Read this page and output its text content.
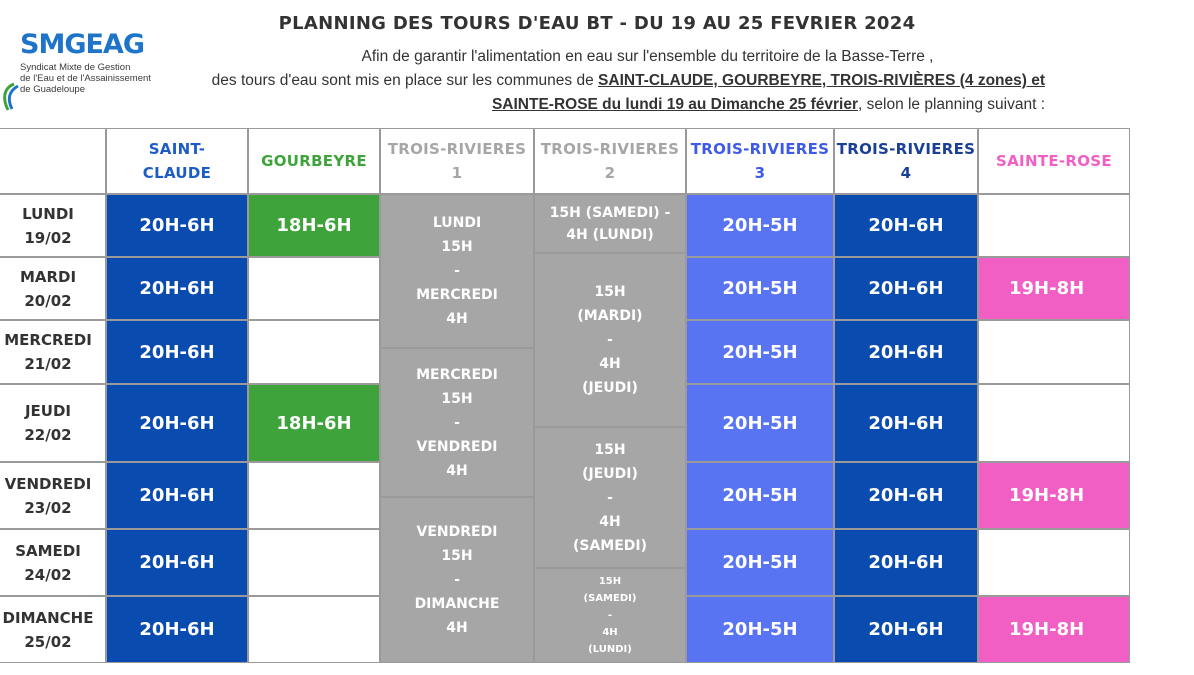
SMGEAG
Syndicat Mixte de Gestion
de l'Eau et de l'Assainissement
de Guadeloupe
PLANNING DES TOURS D'EAU BT - DU 19 AU 25 FEVRIER 2024
Afin de garantir l'alimentation en eau sur l'ensemble du territoire de la Basse-Terre ,
des tours d'eau sont mis en place sur les communes de SAINT-CLAUDE, GOURBEYRE, TROIS-RIVIÈRES (4 zones) et
SAINTE-ROSE du lundi 19 au Dimanche 25 février, selon le planning suivant :
SAINT-
CLAUDE
GOURBEYRE
TROIS-RIVIERES
1
TROIS-RIVIERES
2
TROIS-RIVIERES
3
TROIS-RIVIERES
4
SAINTE-ROSE
LUNDI
19/02
MARDI
20/02
MERCREDI
21/02
JEUDI
22/02
VENDREDI
23/02
SAMEDI
24/02
DIMANCHE
25/02
20H-6H
20H-6H
20H-6H
20H-6H
20H-6H
20H-6H
20H-6H
18H-6H
18H-6H
LUNDI
15H
-
MERCREDI
4H
MERCREDI
15H
-
VENDREDI
4H
VENDREDI
15H
-
DIMANCHE
4H
15H (SAMEDI) -
4H (LUNDI)
15H
(MARDI)
-
4H
(JEUDI)
15H
(JEUDI)
-
4H
(SAMEDI)
15H
(SAMEDI)
-
4H
(LUNDI)
20H-5H
20H-5H
20H-5H
20H-5H
20H-5H
20H-5H
20H-5H
20H-6H
20H-6H
20H-6H
20H-6H
20H-6H
20H-6H
20H-6H
19H-8H
19H-8H
19H-8H
